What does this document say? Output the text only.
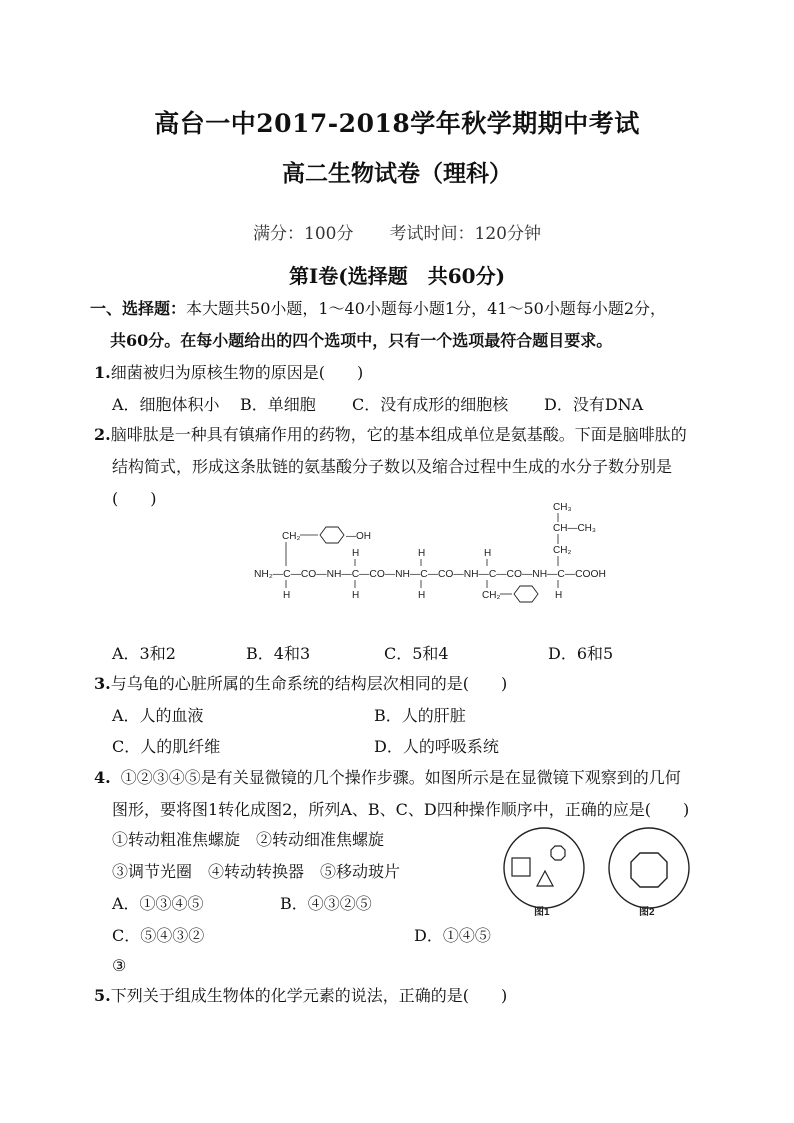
高台一中2017-2018学年秋学期期中考试
高二生物试卷（理科）
满分：100分 考试时间：120分钟
第Ⅰ卷(选择题　共60分)
一、选择题：本大题共50小题，1～40小题每小题1分，41～50小题每小题2分，
共60分。在每小题给出的四个选项中，只有一个选项最符合题目要求。
1.细菌被归为原核生物的原因是(　　)
A．细胞体积小 B．单细胞 C．没有成形的细胞核 D．没有DNA
2.脑啡肽是一种具有镇痛作用的药物，它的基本组成单位是氨基酸。下面是脑啡肽的
结构简式，形成这条肽链的氨基酸分子数以及缩合过程中生成的水分子数分别是
(　　)	CH₃
CH—CH₃
CH₂
CH₂	—OH
H	H	H
NH₂—C—CO—NH—C—CO—NH—C—CO—NH—C—CO—NH—C—COOH
H	H	H	H
CH₂
A．3和2	B．4和3	C．5和4	D．6和5
3.与乌龟的心脏所属的生命系统的结构层次相同的是(　　)
A．人的血液	B．人的肝脏
C．人的肌纤维	D．人的呼吸系统
4. ①②③④⑤是有关显微镜的几个操作步骤。如图所示是在显微镜下观察到的几何
图形，要将图1转化成图2，所列A、B、C、D四种操作顺序中，正确的应是(　　)
①转动粗准焦螺旋　②转动细准焦螺旋
③调节光圈　④转动转换器　⑤移动玻片
A．①③④⑤	B．④③②⑤
C．⑤④③②	D．①④⑤
③
图1	图2
5.下列关于组成生物体的化学元素的说法，正确的是(　　)
